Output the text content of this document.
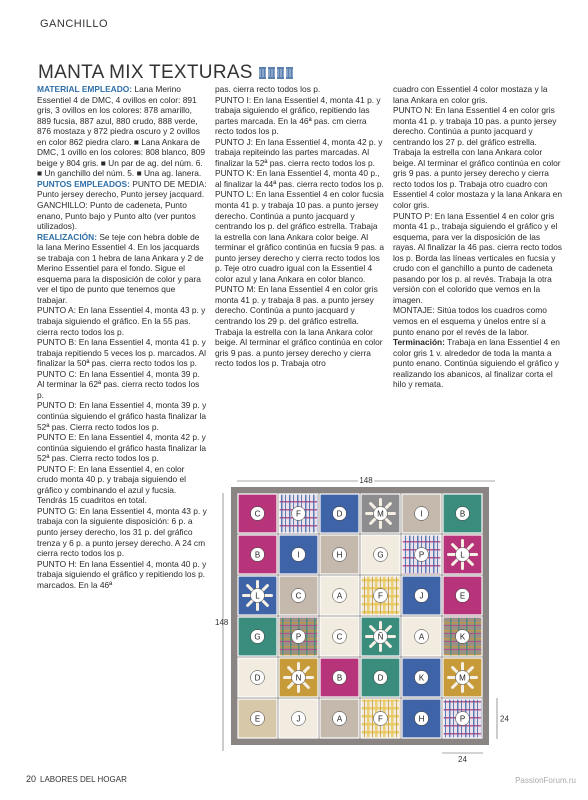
GANCHILLO
MANTA MIX TEXTURAS

MATERIAL EMPLEADO: Lana Merino Essentiel 4 de DMC, 4 ovillos en color: 891 gris, 3 ovillos en los colores: 878 amarillo, 889 fucsia, 887 azul, 880 crudo, 888 verde, 876 mostaza y 872 piedra oscuro y 2 ovillos en color 862 piedra claro. ■ Lana Ankara de DMC, 1 ovillo en los colores: 808 blanco, 809 beige y 804 gris. ■ Un par de ag. del núm. 6. ■ Un ganchillo del núm. 5. ■ Una ag. lanera.

PUNTOS EMPLEADOS: PUNTO DE MEDIA: Punto jersey derecho, Punto jersey jacquard. GANCHILLO: Punto de cadeneta, Punto enano, Punto bajo y Punto alto (ver puntos utilizados).

REALIZACIÓN: Se teje con hebra doble de la lana Merino Essentiel 4. En los jacquards se trabaja con 1 hebra de lana Ankara y 2 de Merino Essentiel para el fondo. Sigue el esquema para la disposición de color y para ver el tipo de punto que tenemos que trabajar.

PUNTO A: En lana Essentiel 4, monta 43 p. y trabaja siguiendo el gráfico. En la 55 pas. cierra recto todos los p.

PUNTO B: En lana Essentiel 4, monta 41 p. y trabaja repitiendo 5 veces los p. marcados. Al finalizar la 50ª pas. cierra recto todos los p.

PUNTO C: En lana Essentiel 4, monta 39 p. Al terminar la 62ª pas. cierra recto todos los p.

PUNTO D: En lana Essentiel 4, monta 39 p. y continúa siguiendo el gráfico hasta finalizar la 52ª pas. Cierra recto todos los p.

PUNTO E: En lana Essentiel 4, monta 42 p. y continúa siguiendo el gráfico hasta finalizar la 52ª pas. Cierra recto todos los p.

PUNTO F: En lana Essentiel 4, en color crudo monta 40 p. y trabaja siguiendo el gráfico y combinando el azul y fucsia. Tendrás 15 cuadritos en total.

PUNTO G: En lana Essentiel 4, monta 43 p. y trabaja con la siguiente disposición: 6 p. a punto jersey derecho, los 31 p. del gráfico trenza y 6 p. a punto jersey derecho. A 24 cm cierra recto todos los p.

PUNTO H: En lana Essentiel 4, monta 40 p. y trabaja siguiendo el gráfico y repitiendo los p. marcados. En la 46ª

pas. cierra recto todos los p.

PUNTO I: En lana Essentiel 4, monta 41 p. y trabaja siguiendo el gráfico, repitiendo las partes marcada. En la 46ª pas. cm cierra recto todos los p.

PUNTO J: En lana Essentiel 4, monta 42 p. y trabaja repiteindo las partes marcadas. Al finalizar la 52ª pas. cierra recto todos los p.

PUNTO K: En lana Essentiel 4, monta 40 p., al finalizar la 44ª pas. cierra recto todos los p.

PUNTO L: En lana Essentiel 4 en color fucsia monta 41 p. y trabaja 10 pas. a punto jersey derecho. Continúa a punto jacquard y centrando los p. del gráfico estrella. Trabaja la estrella con lana Ankara color beige. Al terminar el gráfico continúa en fucsia 9 pas. a punto jersey derecho y cierra recto todos los p. Teje otro cuadro igual con la Essentiel 4 color azul y lana Ankara en color blanco.

PUNTO M: En lana Essentiel 4 en color gris monta 41 p. y trabaja 8 pas. a punto jersey derecho. Continúa a punto jacquard y centrando los 29 p. del gráfico estrella. Trabaja la estrella con la lana Ankara color beige. Al terminar el gráfico continúa en color gris 9 pas. a punto jersey derecho y cierra recto todos los p. Trabaja otro

cuadro con Essentiel 4 color mostaza y la lana Ankara en color gris.

PUNTO N: En lana Essentiel 4 en color gris monta 41 p. y trabaja 10 pas. a punto jersey derecho. Continúa a punto jacquard y centrando los 27 p. del gráfico estrella. Trabaja la estrella con lana Ankara color beige. Al terminar el gráfico continúa en color gris 9 pas. a punto jersey derecho y cierra recto todos los p. Trabaja otro cuadro con Essentiel 4 color mostaza y la lana Ankara en color gris.

PUNTO P: En lana Essentiel 4 en color gris monta 41 p., trabaja siguiendo el gráfico y el esquema, para ver la disposición de las rayas. Al finalizar la 46 pas. cierra recto todos los p. Borda las líneas verticales en fucsia y crudo con el ganchillo a punto de cadeneta pasando por los p. al revés. Trabaja la otra versión con el colorido que vemos en la imagen.

MONTAJE: Sitúa todos los cuadros como vemos en el esquema y únelos entre sí a punto enano por el revés de la labor.

Terminación: Trabaja en lana Essentiel 4 en color gris 1 v. alrededor de toda la manta a punto enano. Continúa siguiendo el gráfico y realizando los abanicos, al finalizar corta el hilo y remata.

148
148
C	F	D	M	I	B
B	I	H	G	P	L
L	C	A	F	J	E
G	P	C	Ñ	A	K
D	N	B	D	K	M
E	J	A	F	H	P	24
24
20 LABORES DEL HOGAR	PassionForum.ru
